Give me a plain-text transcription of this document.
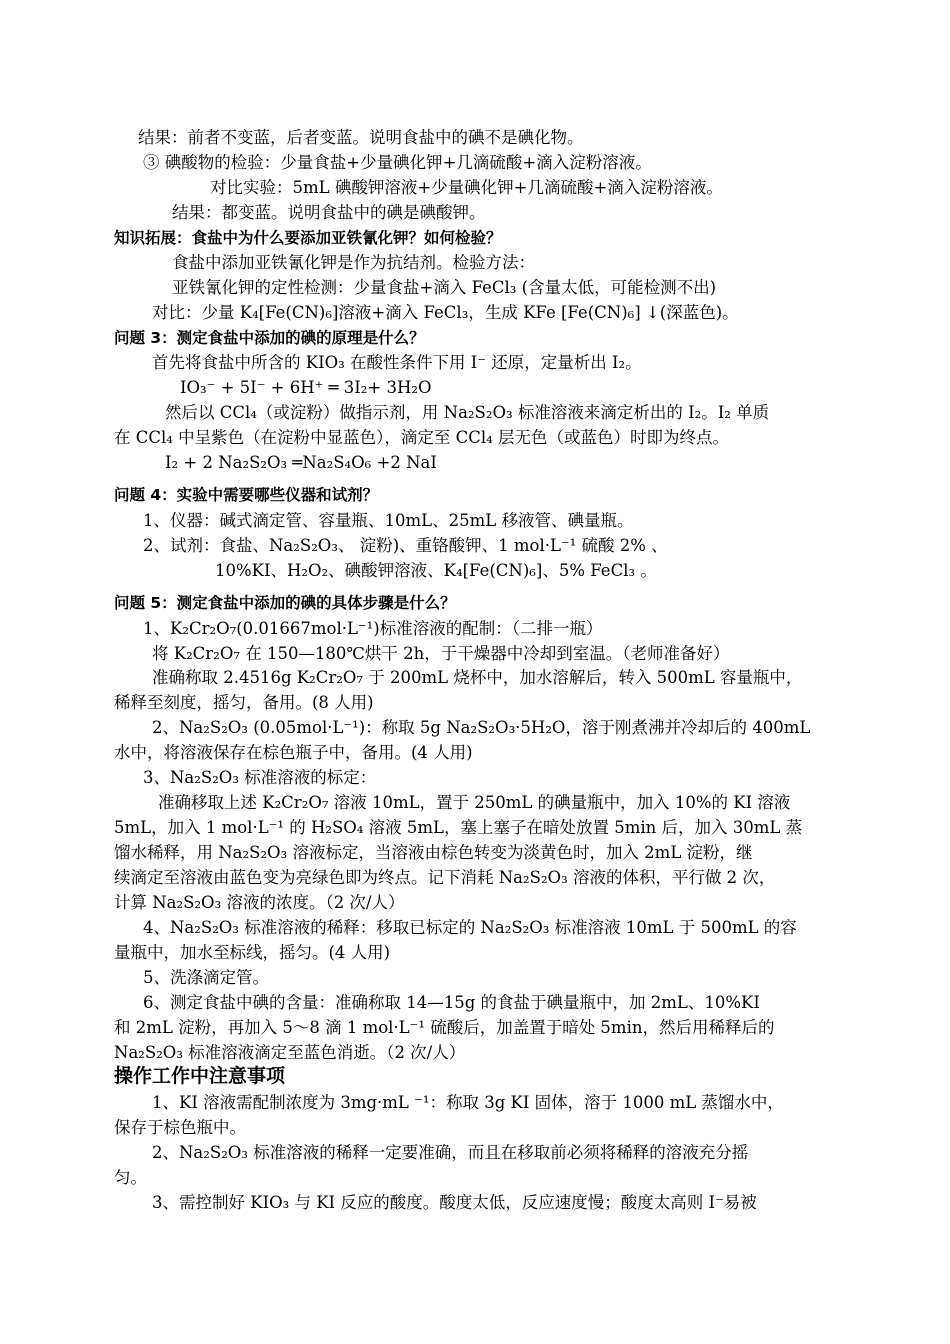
结果：前者不变蓝，后者变蓝。说明食盐中的碘不是碘化物。
③ 碘酸物的检验：少量食盐+少量碘化钾+几滴硫酸+滴入淀粉溶液。
对比实验：5mL 碘酸钾溶液+少量碘化钾+几滴硫酸+滴入淀粉溶液。
结果：都变蓝。说明食盐中的碘是碘酸钾。
知识拓展：食盐中为什么要添加亚铁氰化钾？如何检验？
食盐中添加亚铁氰化钾是作为抗结剂。检验方法：
亚铁氰化钾的定性检测：少量食盐+滴入 FeCl₃ (含量太低，可能检测不出)
对比：少量 K₄[Fe(CN)₆]溶液+滴入 FeCl₃，生成 KFe [Fe(CN)₆] ↓(深蓝色)。
问题 3：测定食盐中添加的碘的原理是什么？
首先将食盐中所含的 KIO₃ 在酸性条件下用 I⁻ 还原，定量析出 I₂。
IO₃⁻ + 5I⁻ + 6H⁺ ═ 3I₂+ 3H₂O
然后以 CCl₄（或淀粉）做指示剂，用 Na₂S₂O₃ 标准溶液来滴定析出的 I₂。I₂ 单质
在 CCl₄ 中呈紫色（在淀粉中显蓝色），滴定至 CCl₄ 层无色（或蓝色）时即为终点。
I₂ + 2 Na₂S₂O₃ ═Na₂S₄O₆ +2 NaI
问题 4：实验中需要哪些仪器和试剂？
1、仪器：碱式滴定管、容量瓶、10mL、25mL 移液管、碘量瓶。
2、试剂：食盐、Na₂S₂O₃、 淀粉)、重铬酸钾、1 mol·L⁻¹ 硫酸 2% 、
10%KI、H₂O₂、碘酸钾溶液、K₄[Fe(CN)₆]、5% FeCl₃ 。
问题 5：测定食盐中添加的碘的具体步骤是什么？
1、K₂Cr₂O₇(0.01667mol·L⁻¹)标准溶液的配制：（二排一瓶）
将 K₂Cr₂O₇ 在 150—180℃烘干 2h，于干燥器中冷却到室温。（老师准备好）
准确称取 2.4516g K₂Cr₂O₇ 于 200mL 烧杯中，加水溶解后，转入 500mL 容量瓶中，
稀释至刻度，摇匀，备用。(8 人用)
2、Na₂S₂O₃ (0.05mol·L⁻¹)：称取 5g Na₂S₂O₃·5H₂O，溶于刚煮沸并冷却后的 400mL
水中，将溶液保存在棕色瓶子中，备用。(4 人用)
3、Na₂S₂O₃ 标准溶液的标定：
准确移取上述 K₂Cr₂O₇ 溶液 10mL，置于 250mL 的碘量瓶中，加入 10%的 KI 溶液
5mL，加入 1 mol·L⁻¹ 的 H₂SO₄ 溶液 5mL，塞上塞子在暗处放置 5min 后，加入 30mL 蒸
馏水稀释，用 Na₂S₂O₃ 溶液标定，当溶液由棕色转变为淡黄色时，加入 2mL 淀粉，继
续滴定至溶液由蓝色变为亮绿色即为终点。记下消耗 Na₂S₂O₃ 溶液的体积，平行做 2 次，
计算 Na₂S₂O₃ 溶液的浓度。（2 次/人）
4、Na₂S₂O₃ 标准溶液的稀释：移取已标定的 Na₂S₂O₃ 标准溶液 10mL 于 500mL 的容
量瓶中，加水至标线，摇匀。(4 人用)
5、洗涤滴定管。
6、测定食盐中碘的含量：准确称取 14—15g 的食盐于碘量瓶中，加 2mL、10%KI
和 2mL 淀粉，再加入 5～8 滴 1 mol·L⁻¹ 硫酸后，加盖置于暗处 5min，然后用稀释后的
Na₂S₂O₃ 标准溶液滴定至蓝色消逝。（2 次/人）
操作工作中注意事项
1、KI 溶液需配制浓度为 3mg·mL ⁻¹：称取 3g KI 固体，溶于 1000 mL 蒸馏水中，
保存于棕色瓶中。
2、Na₂S₂O₃ 标准溶液的稀释一定要准确，而且在移取前必须将稀释的溶液充分摇
匀。
3、需控制好 KIO₃ 与 KI 反应的酸度。酸度太低，反应速度慢；酸度太高则 I⁻易被
